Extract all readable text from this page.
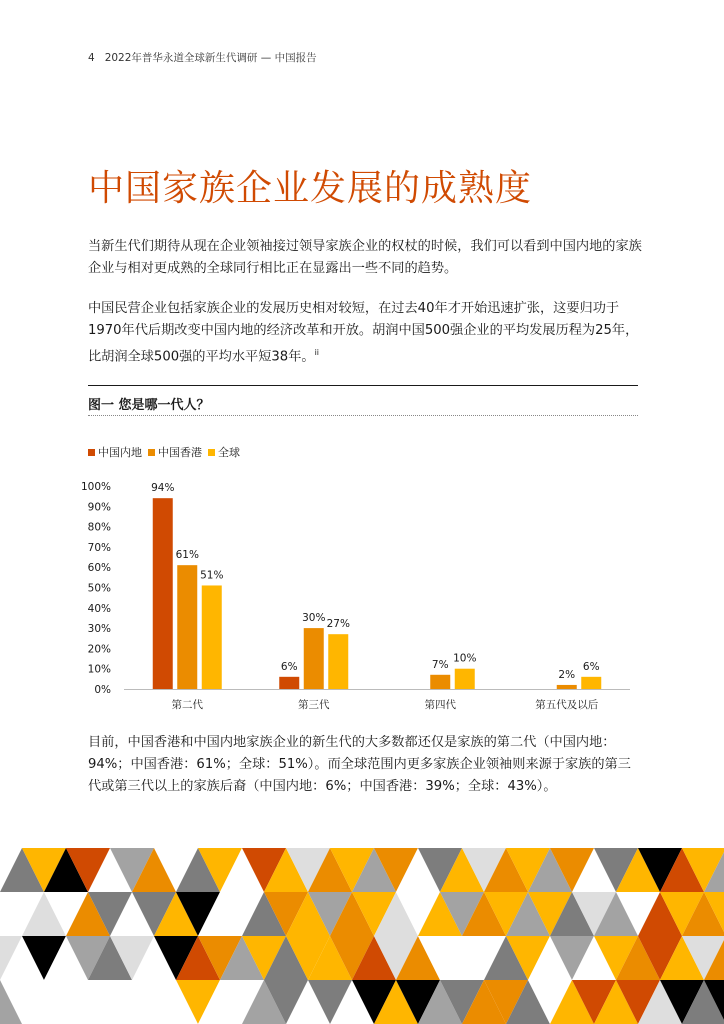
4 2022年普华永道全球新生代调研 — 中国报告
中国家族企业发展的成熟度

当新生代们期待从现在企业领袖接过领导家族企业的权杖的时候，我们可以看到中国内地的家族企业与相对更成熟的全球同行相比正在显露出一些不同的趋势。

中国民营企业包括家族企业的发展历史相对较短，在过去40年才开始迅速扩张，这要归功于1970年代后期改变中国内地的经济改革和开放。胡润中国500强企业的平均发展历程为25年，比胡润全球500强的平均水平短38年。$^{ii}$

图一 您是哪一代人？
中国内地 中国香港 全球
0%
10%
20%
30%
40%
50%
60%
70%
80%
90%
100%	94%
61%
51%
第二代
6%
30%
27%
第三代
7%
10%
第四代
2%
6%
第五代及以后

目前，中国香港和中国内地家族企业的新生代的大多数都还仅是家族的第二代（中国内地：94%；中国香港：61%；全球：51%）。而全球范围内更多家族企业领袖则来源于家族的第三代或第三代以上的家族后裔（中国内地：6%；中国香港：39%；全球：43%）。
